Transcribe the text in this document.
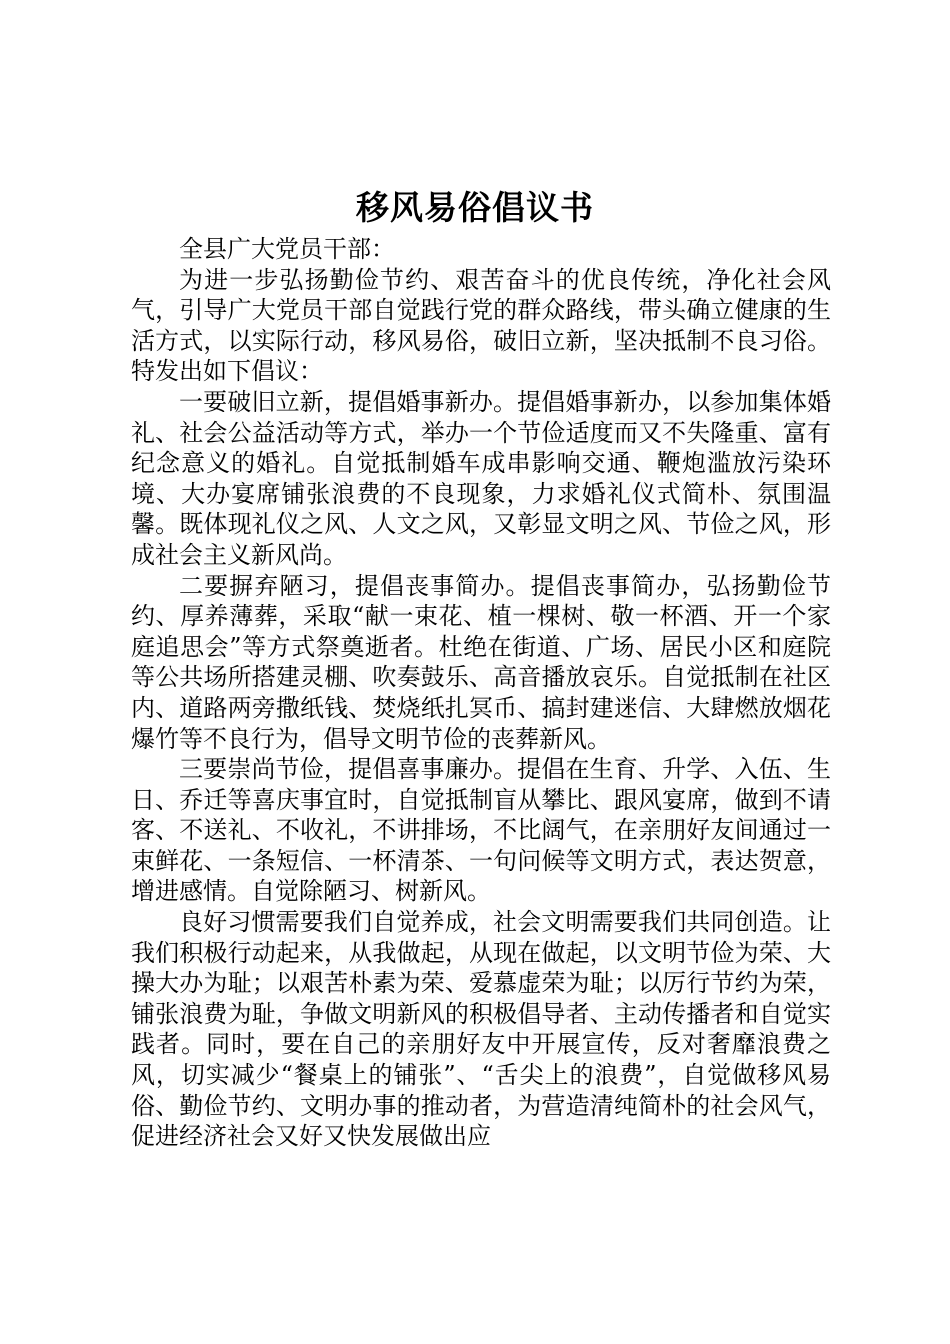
移风易俗倡议书

全县广大党员干部：

为进一步弘扬勤俭节约、艰苦奋斗的优良传统，净化社会风气，引导广大党员干部自觉践行党的群众路线，带头确立健康的生活方式，以实际行动，移风易俗，破旧立新，坚决抵制不良习俗。特发出如下倡议：

一要破旧立新，提倡婚事新办。提倡婚事新办，以参加集体婚礼、社会公益活动等方式，举办一个节俭适度而又不失隆重、富有纪念意义的婚礼。自觉抵制婚车成串影响交通、鞭炮滥放污染环境、大办宴席铺张浪费的不良现象，力求婚礼仪式简朴、氛围温馨。既体现礼仪之风、人文之风，又彰显文明之风、节俭之风，形成社会主义新风尚。

二要摒弃陋习，提倡丧事简办。提倡丧事简办，弘扬勤俭节约、厚养薄葬，采取“献一束花、植一棵树、敬一杯酒、开一个家庭追思会”等方式祭奠逝者。杜绝在街道、广场、居民小区和庭院等公共场所搭建灵棚、吹奏鼓乐、高音播放哀乐。自觉抵制在社区内、道路两旁撒纸钱、焚烧纸扎冥币、搞封建迷信、大肆燃放烟花爆竹等不良行为，倡导文明节俭的丧葬新风。

三要崇尚节俭，提倡喜事廉办。提倡在生育、升学、入伍、生日、乔迁等喜庆事宜时，自觉抵制盲从攀比、跟风宴席，做到不请客、不送礼、不收礼，不讲排场，不比阔气，在亲朋好友间通过一束鲜花、一条短信、一杯清茶、一句问候等文明方式，表达贺意，增进感情。自觉除陋习、树新风。

良好习惯需要我们自觉养成，社会文明需要我们共同创造。让我们积极行动起来，从我做起，从现在做起，以文明节俭为荣、大操大办为耻；以艰苦朴素为荣、爱慕虚荣为耻；以厉行节约为荣，铺张浪费为耻，争做文明新风的积极倡导者、主动传播者和自觉实践者。同时，要在自己的亲朋好友中开展宣传，反对奢靡浪费之风，切实减少“餐桌上的铺张”、“舌尖上的浪费”，自觉做移风易俗、勤俭节约、文明办事的推动者，为营造清纯简朴的社会风气，促进经济社会又好又快发展做出应
